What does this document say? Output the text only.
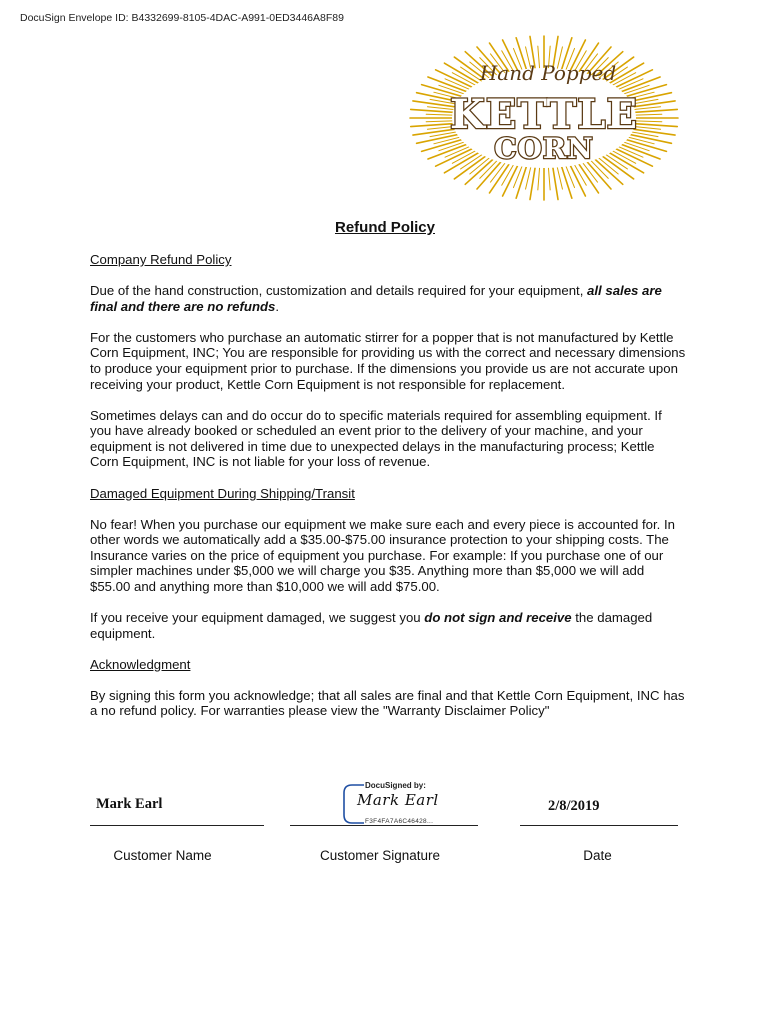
DocuSign Envelope ID: B4332699-8105-4DAC-A991-0ED3446A8F89
Hand Popped
KETTLE
CORN
Refund Policy

Company Refund Policy

Due of the hand construction, customization and details required for your equipment, all sales are final and there are no refunds.

For the customers who purchase an automatic stirrer for a popper that is not manufactured by Kettle Corn Equipment, INC; You are responsible for providing us with the correct and necessary dimensions to produce your equipment prior to purchase. If the dimensions you provide us are not accurate upon receiving your product, Kettle Corn Equipment is not responsible for replacement.

Sometimes delays can and do occur do to specific materials required for assembling equipment. If you have already booked or scheduled an event prior to the delivery of your machine, and your equipment is not delivered in time due to unexpected delays in the manufacturing process; Kettle Corn Equipment, INC is not liable for your loss of revenue.

Damaged Equipment During Shipping/Transit

No fear! When you purchase our equipment we make sure each and every piece is accounted for. In other words we automatically add a $35.00-$75.00 insurance protection to your shipping costs. The Insurance varies on the price of equipment you purchase. For example: If you purchase one of our simpler machines under $5,000 we will charge you $35. Anything more than $5,000 we will add $55.00 and anything more than $10,000 we will add $75.00.

If you receive your equipment damaged, we suggest you do not sign and receive the damaged equipment.

Acknowledgment

By signing this form you acknowledge; that all sales are final and that Kettle Corn Equipment, INC has a no refund policy. For warranties please view the "Warranty Disclaimer Policy"

Mark Earl	2/8/2019
DocuSigned by:
Mark Earl
F3F4FA7A6C46428...
Customer Name	Customer Signature	Date
